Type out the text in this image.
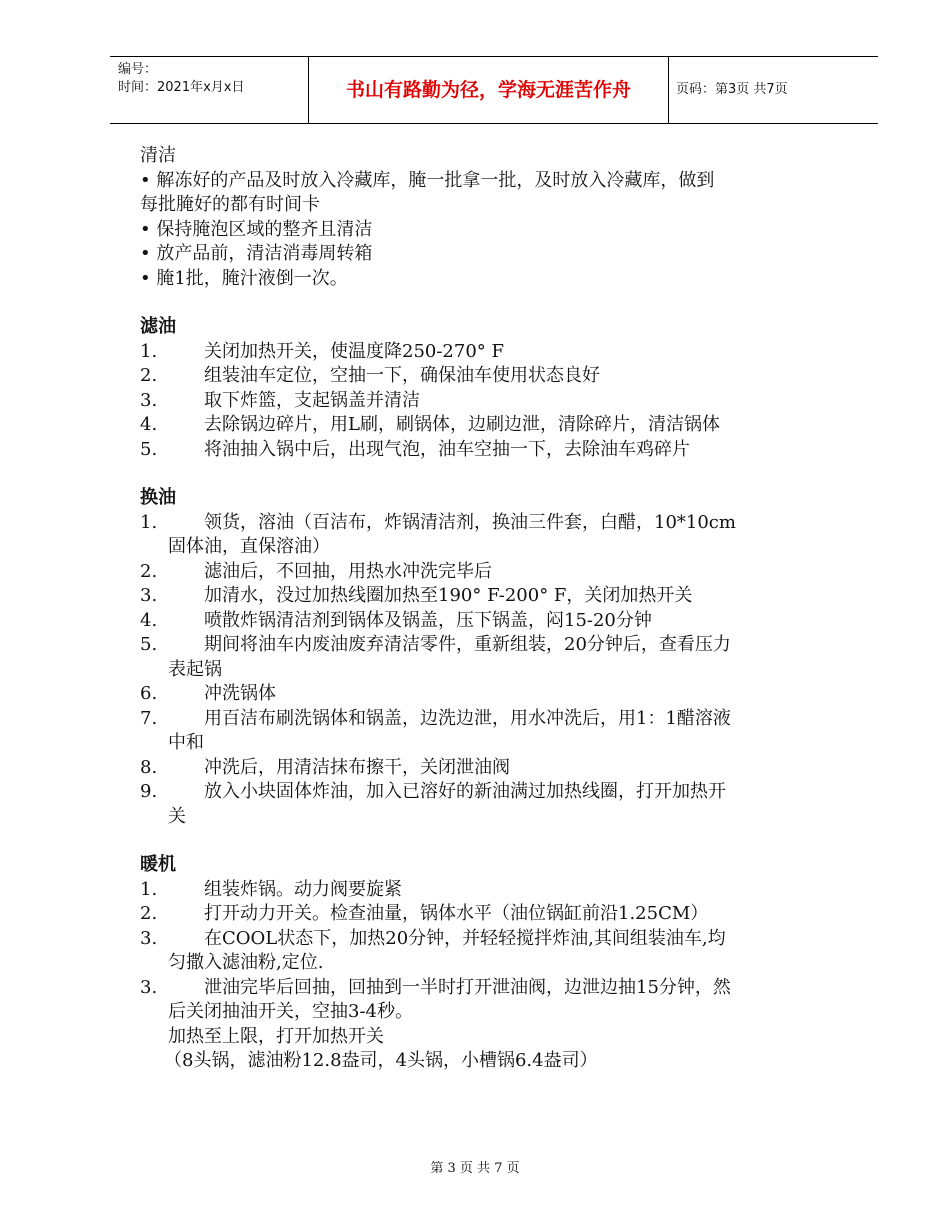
编号：
时间：2021年x月x日	书山有路勤为径，学海无涯苦作舟	页码：第3页 共7页
清洁
• 解冻好的产品及时放入冷藏库，腌一批拿一批，及时放入冷藏库，做到
每批腌好的都有时间卡
• 保持腌泡区域的整齐且清洁
• 放产品前，清洁消毒周转箱
• 腌1批，腌汁液倒一次。
滤油
1.	关闭加热开关，使温度降250-270° F
2.	组装油车定位，空抽一下，确保油车使用状态良好
3.	取下炸篮，支起锅盖并清洁
4.	去除锅边碎片，用L刷，刷锅体，边刷边泄，清除碎片，清洁锅体
5.	将油抽入锅中后，出现气泡，油车空抽一下，去除油车鸡碎片
换油
1.	领货，溶油（百洁布，炸锅清洁剂，换油三件套，白醋，10*10cm
固体油，直保溶油）
2.	滤油后，不回抽，用热水冲洗完毕后
3.	加清水，没过加热线圈加热至190° F-200° F，关闭加热开关
4.	喷散炸锅清洁剂到锅体及锅盖，压下锅盖，闷15-20分钟
5.	期间将油车内废油废弃清洁零件，重新组装，20分钟后，查看压力
表起锅
6.	冲洗锅体
7.	用百洁布刷洗锅体和锅盖，边洗边泄，用水冲洗后，用1：1醋溶液
中和
8.	冲洗后，用清洁抹布擦干，关闭泄油阀
9.	放入小块固体炸油，加入已溶好的新油满过加热线圈，打开加热开
关
暖机
1.	组装炸锅。动力阀要旋紧
2.	打开动力开关。检查油量，锅体水平（油位锅缸前沿1.25CM）
3.	在COOL状态下，加热20分钟，并轻轻搅拌炸油,其间组装油车,均
匀撒入滤油粉,定位.
3.	泄油完毕后回抽，回抽到一半时打开泄油阀，边泄边抽15分钟，然
后关闭抽油开关，空抽3-4秒。
加热至上限，打开加热开关
（8头锅，滤油粉12.8盎司，4头锅，小槽锅6.4盎司）
第 3 页 共 7 页
